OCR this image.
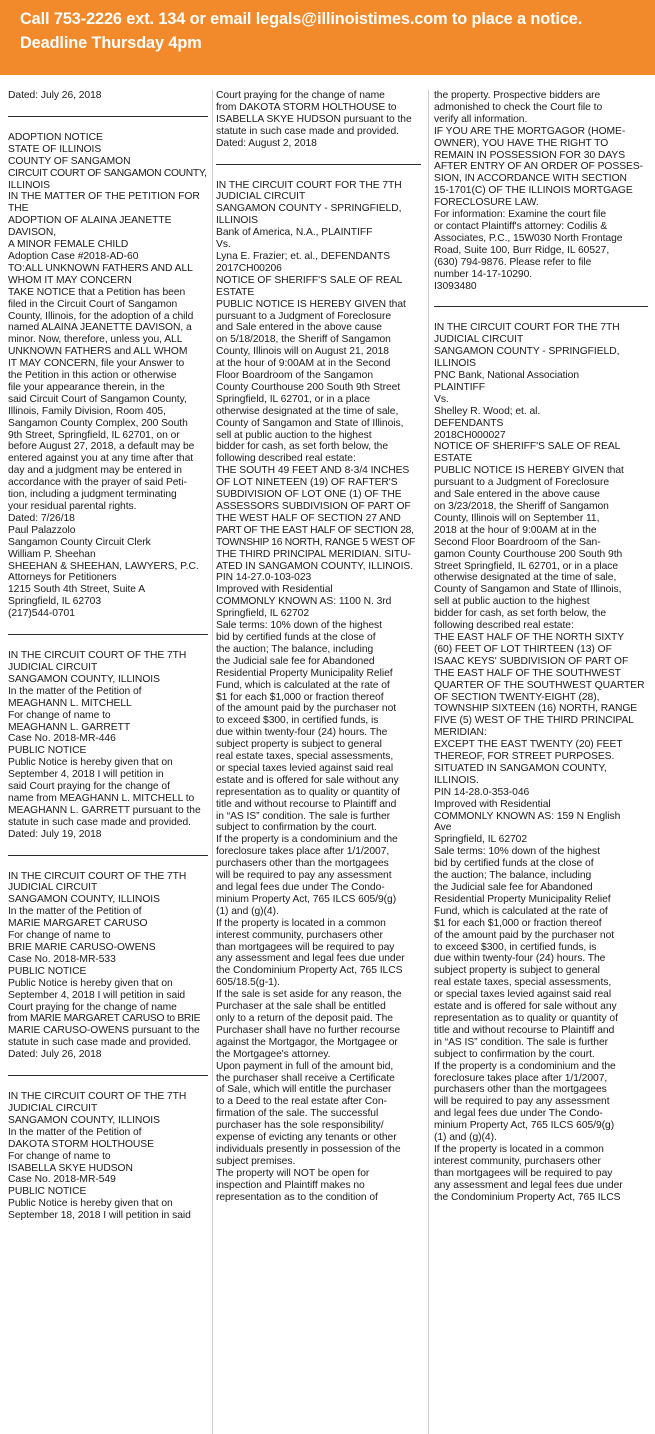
Call 753-2226 ext. 134 or email legals@illinoistimes.com to place a notice.
Deadline Thursday 4pm
Dated: July 26, 2018
ADOPTION NOTICE
STATE OF ILLINOIS
COUNTY OF SANGAMON
CIRCUIT COURT OF SANGAMON COUNTY,
ILLINOIS
IN THE MATTER OF THE PETITION FOR
THE
ADOPTION OF ALAINA JEANETTE
DAVISON,
A MINOR FEMALE CHILD
Adoption Case #2018-AD-60
TO:ALL UNKNOWN FATHERS AND ALL
WHOM IT MAY CONCERN
TAKE NOTICE that a Petition has been
filed in the Circuit Court of Sangamon
County, Illinois, for the adoption of a child
named ALAINA JEANETTE DAVISON, a
minor. Now, therefore, unless you, ALL
UNKNOWN FATHERS and ALL WHOM
IT MAY CONCERN, file your Answer to
the Petition in this action or otherwise
file your appearance therein, in the
said Circuit Court of Sangamon County,
Illinois, Family Division, Room 405,
Sangamon County Complex, 200 South
9th Street, Springfield, IL 62701, on or
before August 27, 2018, a default may be
entered against you at any time after that
day and a judgment may be entered in
accordance with the prayer of said Peti-
tion, including a judgment terminating
your residual parental rights.
Dated: 7/26/18
Paul Palazzolo
Sangamon County Circuit Clerk
William P. Sheehan
SHEEHAN & SHEEHAN, LAWYERS, P.C.
Attorneys for Petitioners
1215 South 4th Street, Suite A
Springfield, IL 62703
(217)544-0701
IN THE CIRCUIT COURT OF THE 7TH
JUDICIAL CIRCUIT
SANGAMON COUNTY, ILLINOIS
In the matter of the Petition of
MEAGHANN L. MITCHELL
For change of name to
MEAGHANN L. GARRETT
Case No. 2018-MR-446
PUBLIC NOTICE
Public Notice is hereby given that on
September 4, 2018 I will petition in
said Court praying for the change of
name from MEAGHANN L. MITCHELL to
MEAGHANN L. GARRETT pursuant to the
statute in such case made and provided.
Dated: July 19, 2018
IN THE CIRCUIT COURT OF THE 7TH
JUDICIAL CIRCUIT
SANGAMON COUNTY, ILLINOIS
In the matter of the Petition of
MARIE MARGARET CARUSO
For change of name to
BRIE MARIE CARUSO-OWENS
Case No. 2018-MR-533
PUBLIC NOTICE
Public Notice is hereby given that on
September 4, 2018 I will petition in said
Court praying for the change of name
from MARIE MARGARET CARUSO to BRIE
MARIE CARUSO-OWENS pursuant to the
statute in such case made and provided.
Dated: July 26, 2018
IN THE CIRCUIT COURT OF THE 7TH
JUDICIAL CIRCUIT
SANGAMON COUNTY, ILLINOIS
In the matter of the Petition of
DAKOTA STORM HOLTHOUSE
For change of name to
ISABELLA SKYE HUDSON
Case No. 2018-MR-549
PUBLIC NOTICE
Public Notice is hereby given that on
September 18, 2018 I will petition in said
Court praying for the change of name
from DAKOTA STORM HOLTHOUSE to
ISABELLA SKYE HUDSON pursuant to the
statute in such case made and provided.
Dated: August 2, 2018
IN THE CIRCUIT COURT FOR THE 7TH
JUDICIAL CIRCUIT
SANGAMON COUNTY - SPRINGFIELD,
ILLINOIS
Bank of America, N.A., PLAINTIFF
Vs.
Lyna E. Frazier; et. al., DEFENDANTS
2017CH00206
NOTICE OF SHERIFF'S SALE OF REAL
ESTATE
PUBLIC NOTICE IS HEREBY GIVEN that
pursuant to a Judgment of Foreclosure
and Sale entered in the above cause
on 5/18/2018, the Sheriff of Sangamon
County, Illinois will on August 21, 2018
at the hour of 9:00AM at in the Second
Floor Boardroom of the Sangamon
County Courthouse 200 South 9th Street
Springfield, IL 62701, or in a place
otherwise designated at the time of sale,
County of Sangamon and State of Illinois,
sell at public auction to the highest
bidder for cash, as set forth below, the
following described real estate:
THE SOUTH 49 FEET AND 8-3/4 INCHES
OF LOT NINETEEN (19) OF RAFTER'S
SUBDIVISION OF LOT ONE (1) OF THE
ASSESSORS SUBDIVISION OF PART OF
THE WEST HALF OF SECTION 27 AND
PART OF THE EAST HALF OF SECTION 28,
TOWNSHIP 16 NORTH, RANGE 5 WEST OF
THE THIRD PRINCIPAL MERIDIAN. SITU-
ATED IN SANGAMON COUNTY, ILLINOIS.
PIN 14-27.0-103-023
Improved with Residential
COMMONLY KNOWN AS: 1100 N. 3rd
Springfield, IL 62702
Sale terms: 10% down of the highest
bid by certified funds at the close of
the auction; The balance, including
the Judicial sale fee for Abandoned
Residential Property Municipality Relief
Fund, which is calculated at the rate of
$1 for each $1,000 or fraction thereof
of the amount paid by the purchaser not
to exceed $300, in certified funds, is
due within twenty-four (24) hours. The
subject property is subject to general
real estate taxes, special assessments,
or special taxes levied against said real
estate and is offered for sale without any
representation as to quality or quantity of
title and without recourse to Plaintiff and
in “AS IS” condition. The sale is further
subject to confirmation by the court.
If the property is a condominium and the
foreclosure takes place after 1/1/2007,
purchasers other than the mortgagees
will be required to pay any assessment
and legal fees due under The Condo-
minium Property Act, 765 ILCS 605/9(g)
(1) and (g)(4).
If the property is located in a common
interest community, purchasers other
than mortgagees will be required to pay
any assessment and legal fees due under
the Condominium Property Act, 765 ILCS
605/18.5(g-1).
If the sale is set aside for any reason, the
Purchaser at the sale shall be entitled
only to a return of the deposit paid. The
Purchaser shall have no further recourse
against the Mortgagor, the Mortgagee or
the Mortgagee's attorney.
Upon payment in full of the amount bid,
the purchaser shall receive a Certificate
of Sale, which will entitle the purchaser
to a Deed to the real estate after Con-
firmation of the sale. The successful
purchaser has the sole responsibility/
expense of evicting any tenants or other
individuals presently in possession of the
subject premises.
The property will NOT be open for
inspection and Plaintiff makes no
representation as to the condition of
the property. Prospective bidders are
admonished to check the Court file to
verify all information.
IF YOU ARE THE MORTGAGOR (HOME-
OWNER), YOU HAVE THE RIGHT TO
REMAIN IN POSSESSION FOR 30 DAYS
AFTER ENTRY OF AN ORDER OF POSSES-
SION, IN ACCORDANCE WITH SECTION
15-1701(C) OF THE ILLINOIS MORTGAGE
FORECLOSURE LAW.
For information: Examine the court file
or contact Plaintiff's attorney: Codilis &
Associates, P.C., 15W030 North Frontage
Road, Suite 100, Burr Ridge, IL 60527,
(630) 794-9876. Please refer to file
number 14-17-10290.
I3093480
IN THE CIRCUIT COURT FOR THE 7TH
JUDICIAL CIRCUIT
SANGAMON COUNTY - SPRINGFIELD,
ILLINOIS
PNC Bank, National Association
PLAINTIFF
Vs.
Shelley R. Wood; et. al.
DEFENDANTS
2018CH000027
NOTICE OF SHERIFF'S SALE OF REAL
ESTATE
PUBLIC NOTICE IS HEREBY GIVEN that
pursuant to a Judgment of Foreclosure
and Sale entered in the above cause
on 3/23/2018, the Sheriff of Sangamon
County, Illinois will on September 11,
2018 at the hour of 9:00AM at in the
Second Floor Boardroom of the San-
gamon County Courthouse 200 South 9th
Street Springfield, IL 62701, or in a place
otherwise designated at the time of sale,
County of Sangamon and State of Illinois,
sell at public auction to the highest
bidder for cash, as set forth below, the
following described real estate:
THE EAST HALF OF THE NORTH SIXTY
(60) FEET OF LOT THIRTEEN (13) OF
ISAAC KEYS' SUBDIVISION OF PART OF
THE EAST HALF OF THE SOUTHWEST
QUARTER OF THE SOUTHWEST QUARTER
OF SECTION TWENTY-EIGHT (28),
TOWNSHIP SIXTEEN (16) NORTH, RANGE
FIVE (5) WEST OF THE THIRD PRINCIPAL
MERIDIAN:
EXCEPT THE EAST TWENTY (20) FEET
THEREOF, FOR STREET PURPOSES.
SITUATED IN SANGAMON COUNTY,
ILLINOIS.
PIN 14-28.0-353-046
Improved with Residential
COMMONLY KNOWN AS: 159 N English
Ave
Springfield, IL 62702
Sale terms: 10% down of the highest
bid by certified funds at the close of
the auction; The balance, including
the Judicial sale fee for Abandoned
Residential Property Municipality Relief
Fund, which is calculated at the rate of
$1 for each $1,000 or fraction thereof
of the amount paid by the purchaser not
to exceed $300, in certified funds, is
due within twenty-four (24) hours. The
subject property is subject to general
real estate taxes, special assessments,
or special taxes levied against said real
estate and is offered for sale without any
representation as to quality or quantity of
title and without recourse to Plaintiff and
in “AS IS” condition. The sale is further
subject to confirmation by the court.
If the property is a condominium and the
foreclosure takes place after 1/1/2007,
purchasers other than the mortgagees
will be required to pay any assessment
and legal fees due under The Condo-
minium Property Act, 765 ILCS 605/9(g)
(1) and (g)(4).
If the property is located in a common
interest community, purchasers other
than mortgagees will be required to pay
any assessment and legal fees due under
the Condominium Property Act, 765 ILCS
